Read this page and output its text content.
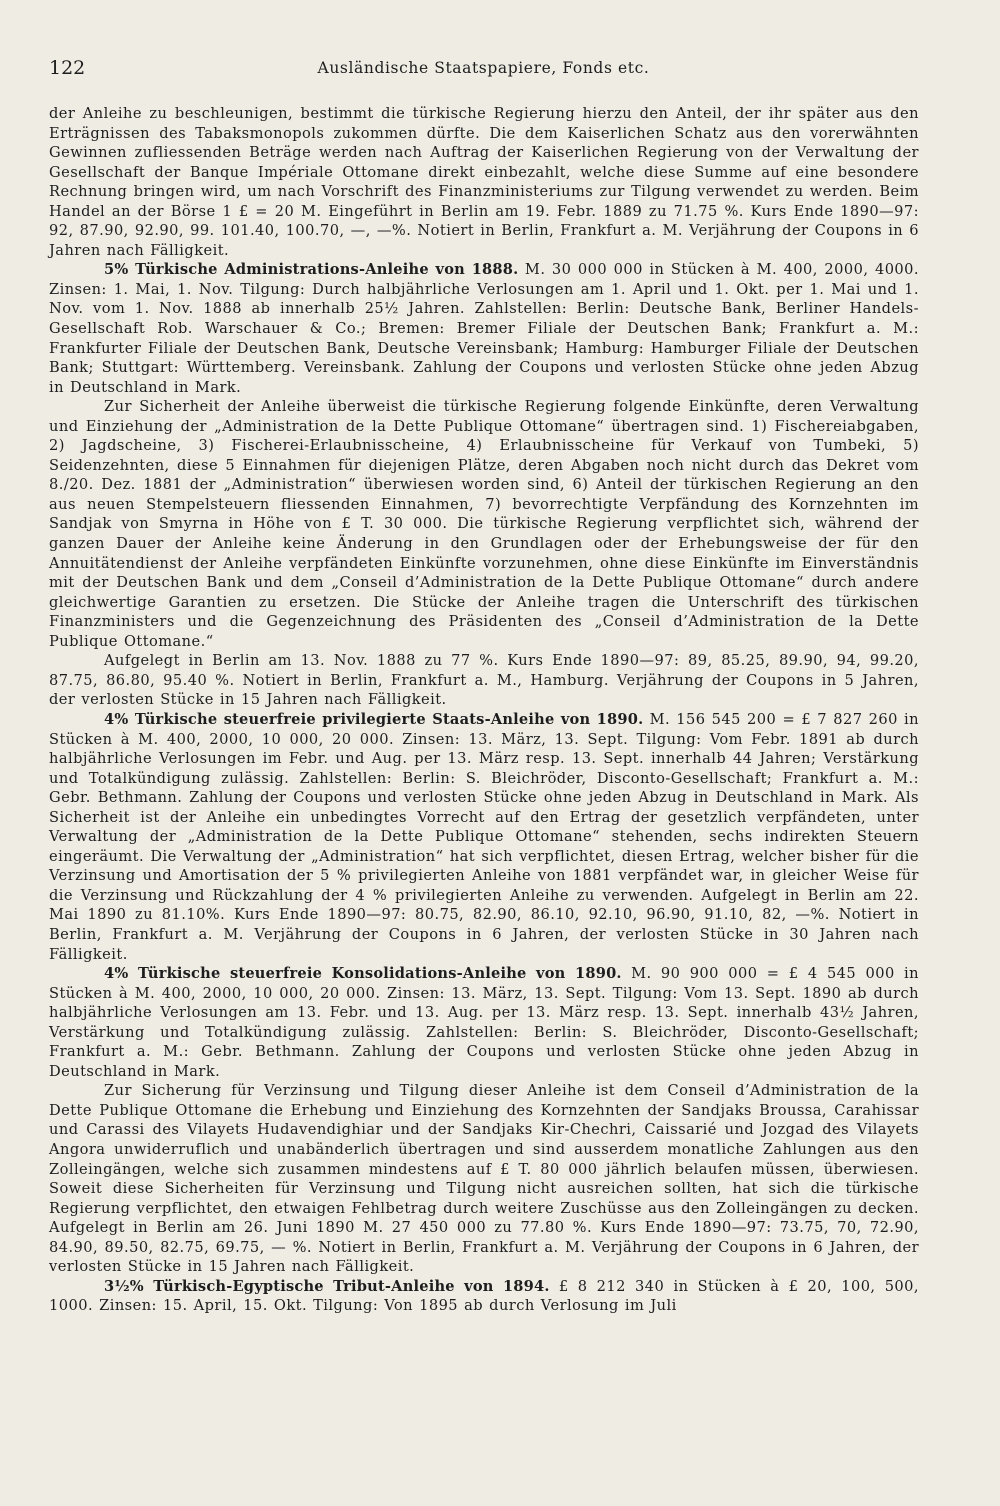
122	Ausländische Staatspapiere, Fonds etc.

der Anleihe zu beschleunigen, bestimmt die türkische Regierung hierzu den Anteil, der ihr später aus den Erträgnissen des Tabaksmonopols zukommen dürfte. Die dem Kaiserlichen Schatz aus den vorerwähnten Gewinnen zufliessenden Beträge werden nach Auftrag der Kaiserlichen Regierung von der Verwaltung der Gesellschaft der Banque Impériale Ottomane direkt einbezahlt, welche diese Summe auf eine besondere Rechnung bringen wird, um nach Vorschrift des Finanzministeriums zur Tilgung verwendet zu werden. Beim Handel an der Börse 1 £ = 20 M. Eingeführt in Berlin am 19. Febr. 1889 zu 71.75 %. Kurs Ende 1890—97: 92, 87.90, 92.90, 99. 101.40, 100.70, —, —%. Notiert in Berlin, Frankfurt a. M. Verjährung der Coupons in 6 Jahren nach Fälligkeit.

5% Türkische Administrations-Anleihe von 1888. M. 30 000 000 in Stücken à M. 400, 2000, 4000. Zinsen: 1. Mai, 1. Nov. Tilgung: Durch halbjährliche Verlosungen am 1. April und 1. Okt. per 1. Mai und 1. Nov. vom 1. Nov. 1888 ab innerhalb 25½ Jahren. Zahlstellen: Berlin: Deutsche Bank, Berliner Handels-Gesellschaft Rob. Warschauer & Co.; Bremen: Bremer Filiale der Deutschen Bank; Frankfurt a. M.: Frankfurter Filiale der Deutschen Bank, Deutsche Vereinsbank; Hamburg: Hamburger Filiale der Deutschen Bank; Stuttgart: Württemberg. Vereinsbank. Zahlung der Coupons und verlosten Stücke ohne jeden Abzug in Deutschland in Mark.

Zur Sicherheit der Anleihe überweist die türkische Regierung folgende Einkünfte, deren Verwaltung und Einziehung der „Administration de la Dette Publique Ottomane“ übertragen sind. 1) Fischereiabgaben, 2) Jagdscheine, 3) Fischerei-Erlaubnisscheine, 4) Erlaubnisscheine für Verkauf von Tumbeki, 5) Seidenzehnten, diese 5 Einnahmen für diejenigen Plätze, deren Abgaben noch nicht durch das Dekret vom 8./20. Dez. 1881 der „Administration“ überwiesen worden sind, 6) Anteil der türkischen Regierung an den aus neuen Stempelsteuern fliessenden Einnahmen, 7) bevorrechtigte Verpfändung des Kornzehnten im Sandjak von Smyrna in Höhe von £ T. 30 000. Die türkische Regierung verpflichtet sich, während der ganzen Dauer der Anleihe keine Änderung in den Grundlagen oder der Erhebungsweise der für den Annuitätendienst der Anleihe verpfändeten Einkünfte vorzunehmen, ohne diese Einkünfte im Einverständnis mit der Deutschen Bank und dem „Conseil d’Administration de la Dette Publique Ottomane“ durch andere gleichwertige Garantien zu ersetzen. Die Stücke der Anleihe tragen die Unterschrift des türkischen Finanzministers und die Gegenzeichnung des Präsidenten des „Conseil d’Administration de la Dette Publique Ottomane.“

Aufgelegt in Berlin am 13. Nov. 1888 zu 77 %. Kurs Ende 1890—97: 89, 85.25, 89.90, 94, 99.20, 87.75, 86.80, 95.40 %. Notiert in Berlin, Frankfurt a. M., Hamburg. Verjährung der Coupons in 5 Jahren, der verlosten Stücke in 15 Jahren nach Fälligkeit.

4% Türkische steuerfreie privilegierte Staats-Anleihe von 1890. M. 156 545 200 = £ 7 827 260 in Stücken à M. 400, 2000, 10 000, 20 000. Zinsen: 13. März, 13. Sept. Tilgung: Vom Febr. 1891 ab durch halbjährliche Verlosungen im Febr. und Aug. per 13. März resp. 13. Sept. innerhalb 44 Jahren; Verstärkung und Totalkündigung zulässig. Zahlstellen: Berlin: S. Bleichröder, Disconto-Gesellschaft; Frankfurt a. M.: Gebr. Bethmann. Zahlung der Coupons und verlosten Stücke ohne jeden Abzug in Deutschland in Mark. Als Sicherheit ist der Anleihe ein unbedingtes Vorrecht auf den Ertrag der gesetzlich verpfändeten, unter Verwaltung der „Administration de la Dette Publique Ottomane“ stehenden, sechs indirekten Steuern eingeräumt. Die Verwaltung der „Administration“ hat sich verpflichtet, diesen Ertrag, welcher bisher für die Verzinsung und Amortisation der 5 % privilegierten Anleihe von 1881 verpfändet war, in gleicher Weise für die Verzinsung und Rückzahlung der 4 % privilegierten Anleihe zu verwenden. Aufgelegt in Berlin am 22. Mai 1890 zu 81.10%. Kurs Ende 1890—97: 80.75, 82.90, 86.10, 92.10, 96.90, 91.10, 82, —%. Notiert in Berlin, Frankfurt a. M. Verjährung der Coupons in 6 Jahren, der verlosten Stücke in 30 Jahren nach Fälligkeit.

4% Türkische steuerfreie Konsolidations-Anleihe von 1890. M. 90 900 000 = £ 4 545 000 in Stücken à M. 400, 2000, 10 000, 20 000. Zinsen: 13. März, 13. Sept. Tilgung: Vom 13. Sept. 1890 ab durch halbjährliche Verlosungen am 13. Febr. und 13. Aug. per 13. März resp. 13. Sept. innerhalb 43½ Jahren, Verstärkung und Totalkündigung zulässig. Zahlstellen: Berlin: S. Bleichröder, Disconto-Gesellschaft; Frankfurt a. M.: Gebr. Bethmann. Zahlung der Coupons und verlosten Stücke ohne jeden Abzug in Deutschland in Mark.

Zur Sicherung für Verzinsung und Tilgung dieser Anleihe ist dem Conseil d’Administration de la Dette Publique Ottomane die Erhebung und Einziehung des Kornzehnten der Sandjaks Broussa, Carahissar und Carassi des Vilayets Hudavendighiar und der Sandjaks Kir-Chechri, Caissarié und Jozgad des Vilayets Angora unwiderruflich und unabänderlich übertragen und sind ausserdem monatliche Zahlungen aus den Zolleingängen, welche sich zusammen mindestens auf £ T. 80 000 jährlich belaufen müssen, überwiesen. Soweit diese Sicherheiten für Verzinsung und Tilgung nicht ausreichen sollten, hat sich die türkische Regierung verpflichtet, den etwaigen Fehlbetrag durch weitere Zuschüsse aus den Zolleingängen zu decken. Aufgelegt in Berlin am 26. Juni 1890 M. 27 450 000 zu 77.80 %. Kurs Ende 1890—97: 73.75, 70, 72.90, 84.90, 89.50, 82.75, 69.75, — %. Notiert in Berlin, Frankfurt a. M. Verjährung der Coupons in 6 Jahren, der verlosten Stücke in 15 Jahren nach Fälligkeit.

3½% Türkisch-Egyptische Tribut-Anleihe von 1894. £ 8 212 340 in Stücken à £ 20, 100, 500, 1000. Zinsen: 15. April, 15. Okt. Tilgung: Von 1895 ab durch Verlosung im Juli
